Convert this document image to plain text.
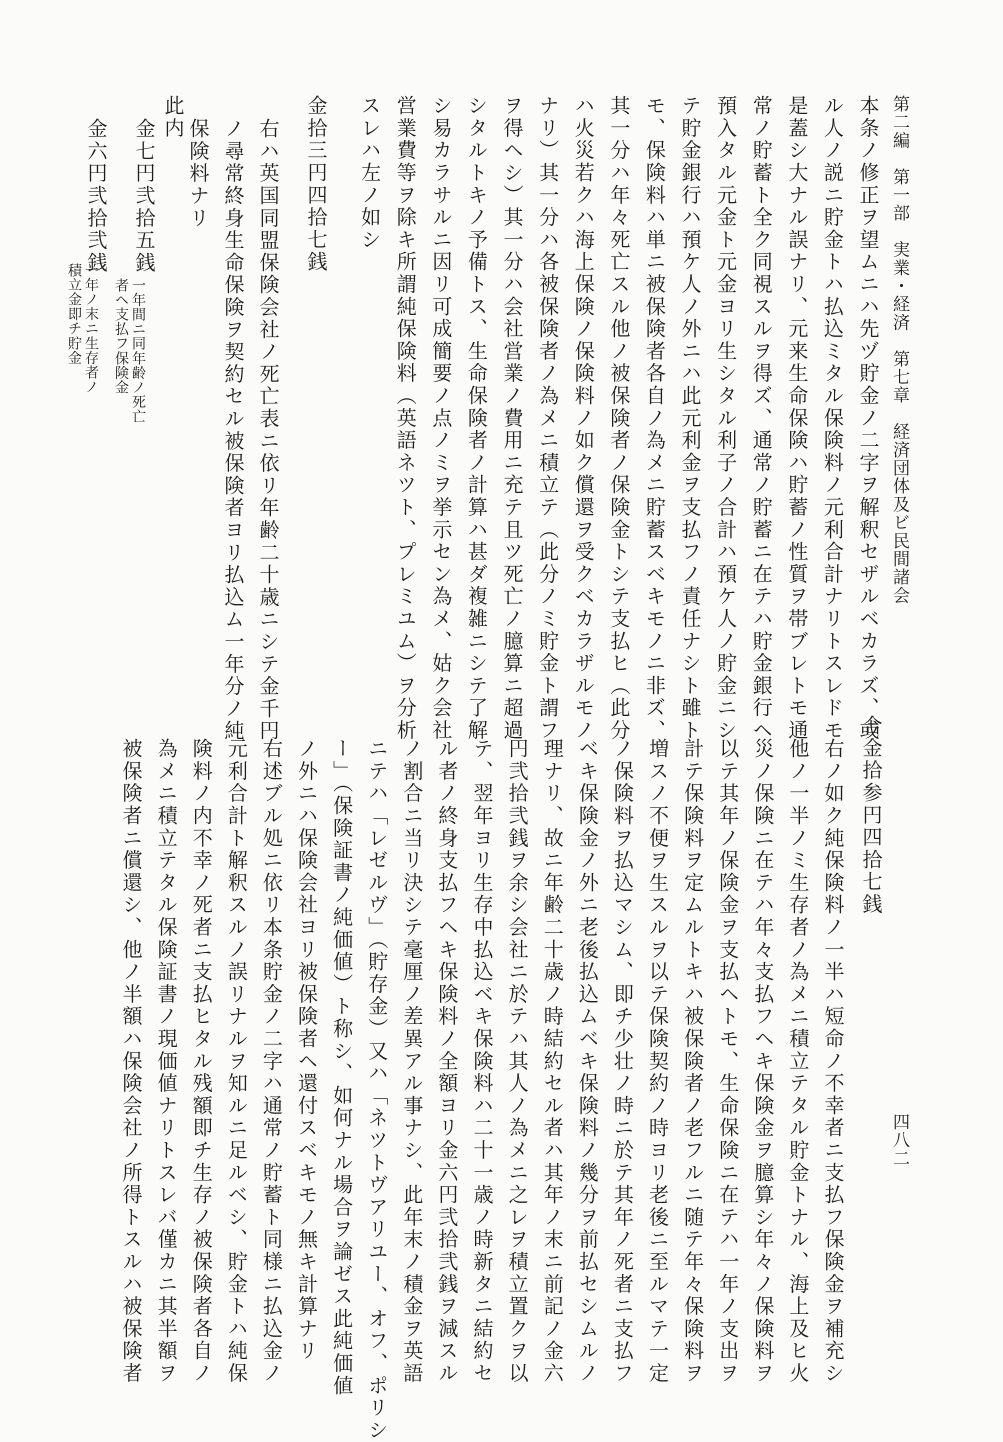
第二編　第一部　実業・経済　第七章　経済団体及ビ民間諸会
四八二
本条ノ修正ヲ望ムニハ先ヅ貯金ノ二字ヲ解釈セザルベカラズ、或
ル人ノ説ニ貯金トハ払込ミタル保険料ノ元利合計ナリトスレドモ
是蓋シ大ナル誤ナリ、元来生命保険ハ貯蓄ノ性質ヲ帯ブレトモ通
常ノ貯蓄ト全ク同視スルヲ得ズ、通常ノ貯蓄ニ在テハ貯金銀行ヘ
預入タル元金ト元金ヨリ生シタル利子ノ合計ハ預ケ人ノ貯金ニシ
テ貯金銀行ハ預ケ人ノ外ニハ此元利金ヲ支払フノ責任ナシト雖ト
モ、保険料ハ単ニ被保険者各自ノ為メニ貯蓄スベキモノニ非ズ、
其一分ハ年々死亡スル他ノ被保険者ノ保険金トシテ支払ヒ（此分
ハ火災若クハ海上保険ノ保険料ノ如ク償還ヲ受クベカラザルモノ
ナリ）其一分ハ各被保険者ノ為メニ積立テ（此分ノミ貯金ト謂フ
ヲ得ヘシ）其一分ハ会社営業ノ費用ニ充テ且ツ死亡ノ臆算ニ超過
シタルトキノ予備トス、生命保険者ノ計算ハ甚ダ複雑ニシテ了解
シ易カラサルニ因リ可成簡要ノ点ノミヲ挙示セン為メ、姑ク会社
営業費等ヲ除キ所謂純保険料（英語ネツト、プレミユム）ヲ分析
スレハ左ノ如シ
金拾三円四拾七銭
右ハ英国同盟保険会社ノ死亡表ニ依リ年齢二十歳ニシテ金千円
ノ尋常終身生命保険ヲ契約セル被保険者ヨリ払込ム一年分ノ純
保険料ナリ
此内
金七円弐拾五銭
一年間ニ同年齢ノ死亡
者ヘ支払フ保険金
金六円弐拾弐銭
一年ノ末ニ生存者ノ
積立金即チ貯金
合金拾参円四拾七銭
右ノ如ク純保険料ノ一半ハ短命ノ不幸者ニ支払フ保険金ヲ補充シ
他ノ一半ノミ生存者ノ為メニ積立テタル貯金トナル、海上及ヒ火
災ノ保険ニ在テハ年々支払フヘキ保険金ヲ臆算シ年々ノ保険料ヲ
以テ其年ノ保険金ヲ支払ヘトモ、生命保険ニ在テハ一年ノ支出ヲ
計テ保険料ヲ定ムルトキハ被保険者ノ老フルニ随テ年々保険料ヲ
増スノ不便ヲ生スルヲ以テ保険契約ノ時ヨリ老後ニ至ルマテ一定
ノ保険料ヲ払込マシム、即チ少壮ノ時ニ於テ其年ノ死者ニ支払フ
ベキ保険金ノ外ニ老後払込ムベキ保険料ノ幾分ヲ前払セシムルノ
理ナリ、故ニ年齢二十歳ノ時結約セル者ハ其年ノ末ニ前記ノ金六
円弐拾弐銭ヲ余シ会社ニ於テハ其人ノ為メニ之レヲ積立置クヲ以
テ、翌年ヨリ生存中払込ベキ保険料ハ二十一歳ノ時新タニ結約セ
ル者ノ終身支払フヘキ保険料ノ全額ヨリ金六円弐拾弐銭ヲ減スル
ノ割合ニ当リ決シテ毫厘ノ差異アル事ナシ、此年末ノ積金ヲ英語
ニテハ「レゼルヴ」（貯存金）又ハ「ネツトヴアリユー、オフ、ポリシ
ー」（保険証書ノ純価値）ト称シ、如何ナル場合ヲ論ゼス此純価値
ノ外ニハ保険会社ヨリ被保険者ヘ還付スベキモノ無キ計算ナリ
右述ブル処ニ依リ本条貯金ノ二字ハ通常ノ貯蓄ト同様ニ払込金ノ
元利合計ト解釈スルノ誤リナルヲ知ルニ足ルベシ、貯金トハ純保
険料ノ内不幸ノ死者ニ支払ヒタル残額即チ生存ノ被保険者各自ノ
為メニ積立テタル保険証書ノ現価値ナリトスレバ僅カニ其半額ヲ
被保険者ニ償還シ、他ノ半額ハ保険会社ノ所得トスルハ被保険者
